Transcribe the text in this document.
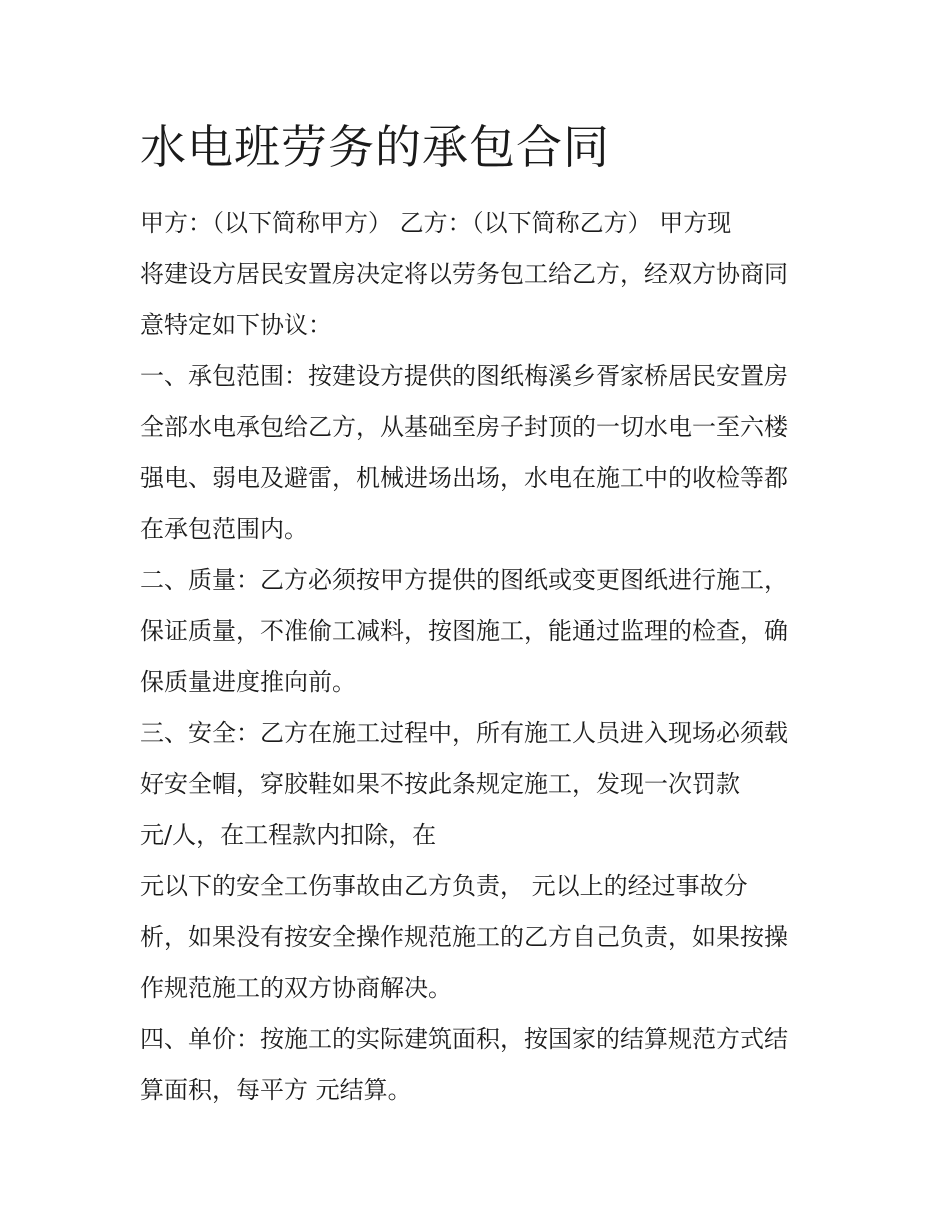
水电班劳务的承包合同

甲方：（以下简称甲方） 乙方：（以下简称乙方） 甲方现

将建设方居民安置房决定将以劳务包工给乙方，经双方协商同

意特定如下协议：

一、承包范围：按建设方提供的图纸梅溪乡胥家桥居民安置房

全部水电承包给乙方，从基础至房子封顶的一切水电一至六楼

强电、弱电及避雷，机械进场出场，水电在施工中的收检等都

在承包范围内。

二、质量：乙方必须按甲方提供的图纸或变更图纸进行施工，

保证质量，不准偷工减料，按图施工，能通过监理的检查，确

保质量进度推向前。

三、安全：乙方在施工过程中，所有施工人员进入现场必须载

好安全帽，穿胶鞋如果不按此条规定施工，发现一次罚款

元/人，在工程款内扣除，在

元以下的安全工伤事故由乙方负责， 元以上的经过事故分

析，如果没有按安全操作规范施工的乙方自己负责，如果按操

作规范施工的双方协商解决。

四、单价：按施工的实际建筑面积，按国家的结算规范方式结

算面积，每平方 元结算。
